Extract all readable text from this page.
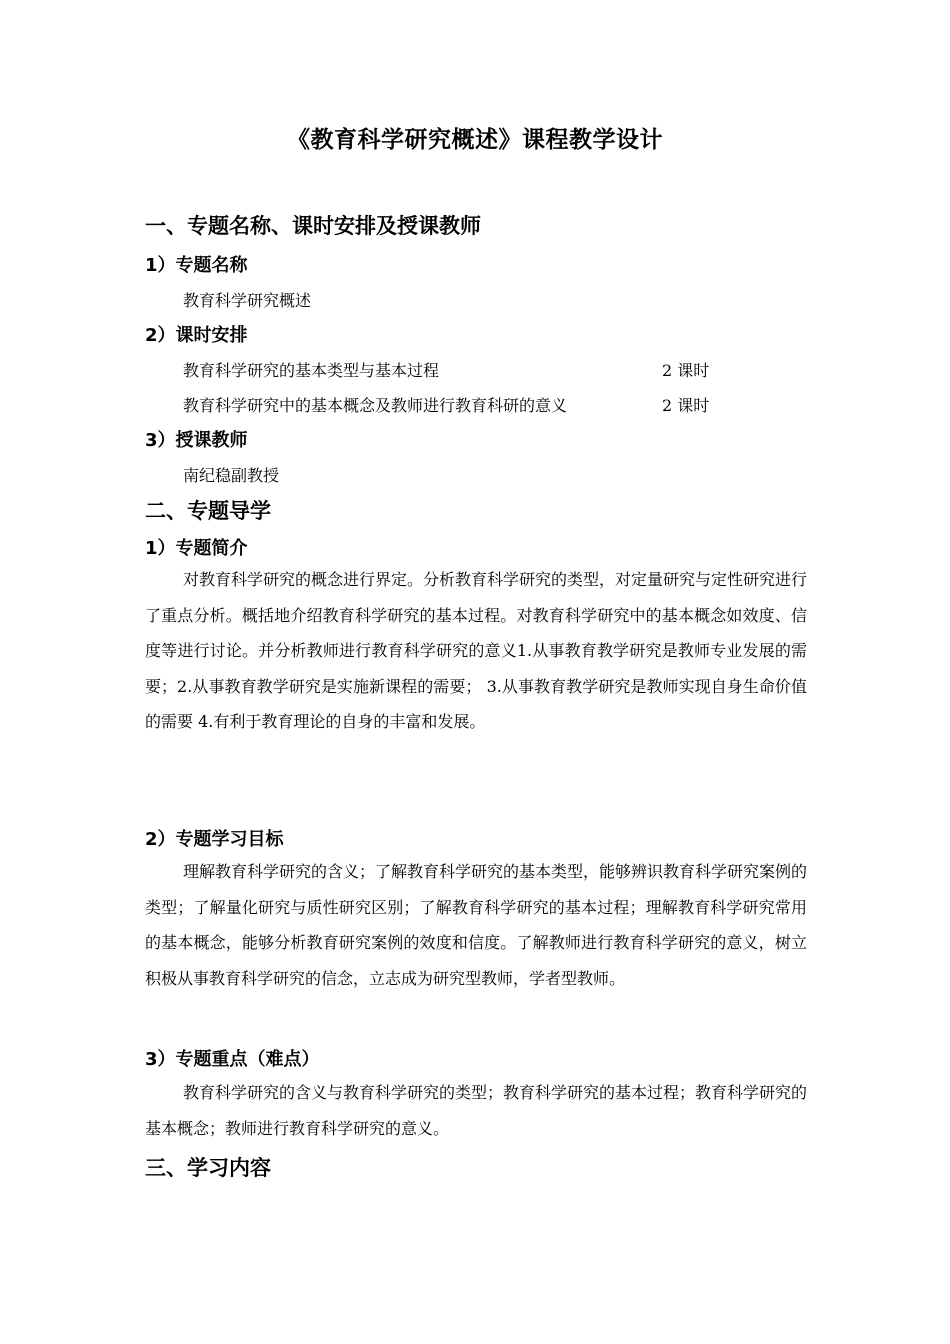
《教育科学研究概述》课程教学设计
一、专题名称、课时安排及授课教师
1）专题名称
教育科学研究概述
2）课时安排
教育科学研究的基本类型与基本过程	2 课时
教育科学研究中的基本概念及教师进行教育科研的意义	2 课时
3）授课教师
南纪稳副教授
二、专题导学
1）专题简介
对教育科学研究的概念进行界定。分析教育科学研究的类型，对定量研究与定性研究进行了重点分析。概括地介绍教育科学研究的基本过程。对教育科学研究中的基本概念如效度、信度等进行讨论。并分析教师进行教育科学研究的意义1.从事教育教学研究是教师专业发展的需要；2.从事教育教学研究是实施新课程的需要； 3.从事教育教学研究是教师实现自身生命价值的需要 4.有利于教育理论的自身的丰富和发展。
2）专题学习目标
理解教育科学研究的含义；了解教育科学研究的基本类型，能够辨识教育科学研究案例的类型；了解量化研究与质性研究区别；了解教育科学研究的基本过程；理解教育科学研究常用的基本概念，能够分析教育研究案例的效度和信度。了解教师进行教育科学研究的意义，树立积极从事教育科学研究的信念，立志成为研究型教师，学者型教师。
3）专题重点（难点）
教育科学研究的含义与教育科学研究的类型；教育科学研究的基本过程；教育科学研究的基本概念；教师进行教育科学研究的意义。
三、学习内容
